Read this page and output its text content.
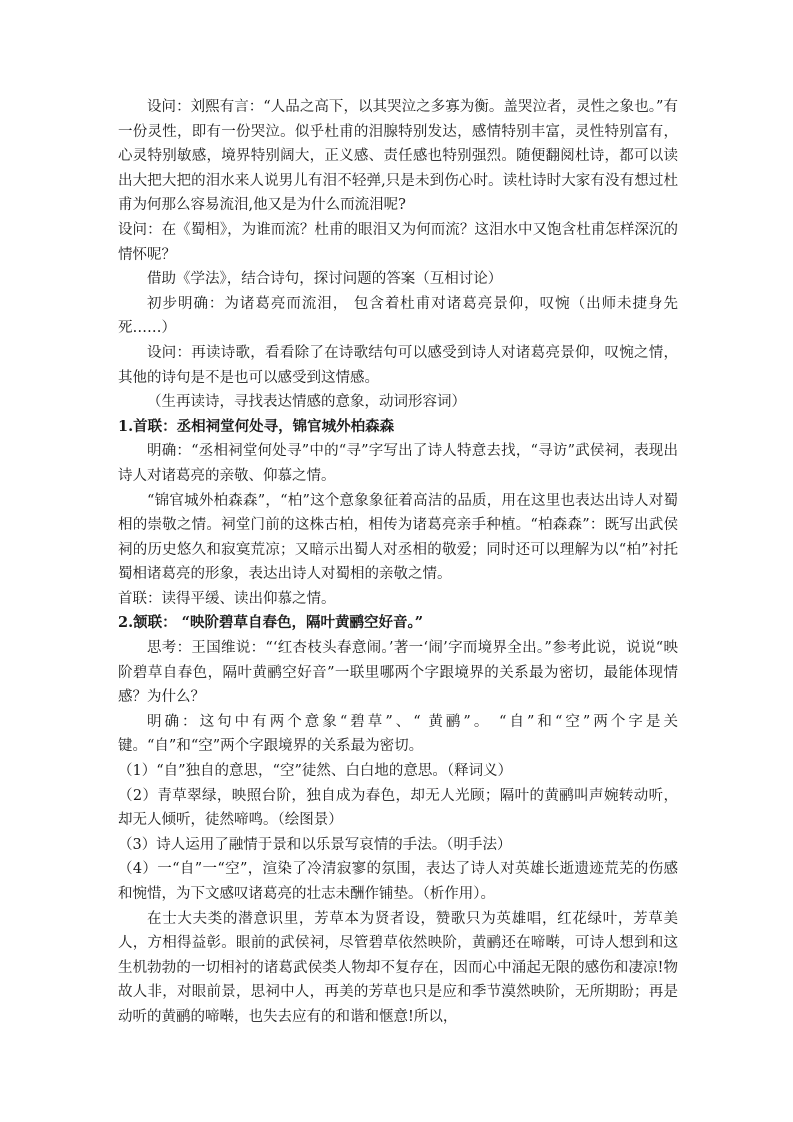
设问：刘熙有言：“人品之高下，以其哭泣之多寡为衡。盖哭泣者，灵性之象也。”有一份灵性，即有一份哭泣。似乎杜甫的泪腺特别发达，感情特别丰富，灵性特别富有，心灵特别敏感，境界特别阔大，正义感、责任感也特别强烈。随便翻阅杜诗，都可以读出大把大把的泪水来人说男儿有泪不轻弹,只是未到伤心时。读杜诗时大家有没有想过杜甫为何那么容易流泪,他又是为什么而流泪呢?

设问：在《蜀相》，为谁而流？杜甫的眼泪又为何而流？这泪水中又饱含杜甫怎样深沉的情怀呢？

借助《学法》，结合诗句，探讨问题的答案（互相讨论）

初步明确：为诸葛亮而流泪， 包含着杜甫对诸葛亮景仰，叹惋（出师未捷身先死……）

设问：再读诗歌，看看除了在诗歌结句可以感受到诗人对诸葛亮景仰，叹惋之情，其他的诗句是不是也可以感受到这情感。

（生再读诗，寻找表达情感的意象，动词形容词）

1.首联：丞相祠堂何处寻，锦官城外柏森森

明确：“丞相祠堂何处寻”中的“寻”字写出了诗人特意去找，“寻访”武侯祠，表现出诗人对诸葛亮的亲敬、仰慕之情。

“锦官城外柏森森”，“柏”这个意象象征着高洁的品质，用在这里也表达出诗人对蜀相的崇敬之情。祠堂门前的这株古柏，相传为诸葛亮亲手种植。“柏森森”：既写出武侯祠的历史悠久和寂寞荒凉；又暗示出蜀人对丞相的敬爱；同时还可以理解为以“柏”衬托蜀相诸葛亮的形象，表达出诗人对蜀相的亲敬之情。

首联：读得平缓、读出仰慕之情。

2.颔联： “映阶碧草自春色，隔叶黄鹂空好音。”

思考：王国维说：“‘红杏枝头春意闹。’著一‘闹’字而境界全出。”参考此说，说说“映阶碧草自春色，隔叶黄鹂空好音”一联里哪两个字跟境界的关系最为密切，最能体现情感？为什么？

明确：这句中有两个意象“碧草”、“ 黄鹂”。 “自”和“空”两个字是关键。“自”和“空”两个字跟境界的关系最为密切。

（1）“自”独自的意思，“空”徒然、白白地的意思。（释词义）

（2）青草翠绿，映照台阶，独自成为春色，却无人光顾；隔叶的黄鹂叫声婉转动听，却无人倾听，徒然啼鸣。（绘图景）

（3）诗人运用了融情于景和以乐景写哀情的手法。（明手法）

（4）一“自”一“空”，渲染了冷清寂寥的氛围，表达了诗人对英雄长逝遗迹荒芜的伤感和惋惜，为下文感叹诸葛亮的壮志未酬作铺垫。（析作用）。

在士大夫类的潜意识里，芳草本为贤者设，赞歌只为英雄唱，红花绿叶，芳草美人，方相得益彰。眼前的武侯祠，尽管碧草依然映阶，黄鹂还在啼啭，可诗人想到和这生机勃勃的一切相衬的诸葛武侯类人物却不复存在，因而心中涌起无限的感伤和凄凉!物故人非，对眼前景，思祠中人，再美的芳草也只是应和季节漠然映阶，无所期盼；再是动听的黄鹂的啼啭，也失去应有的和谐和惬意!所以，
